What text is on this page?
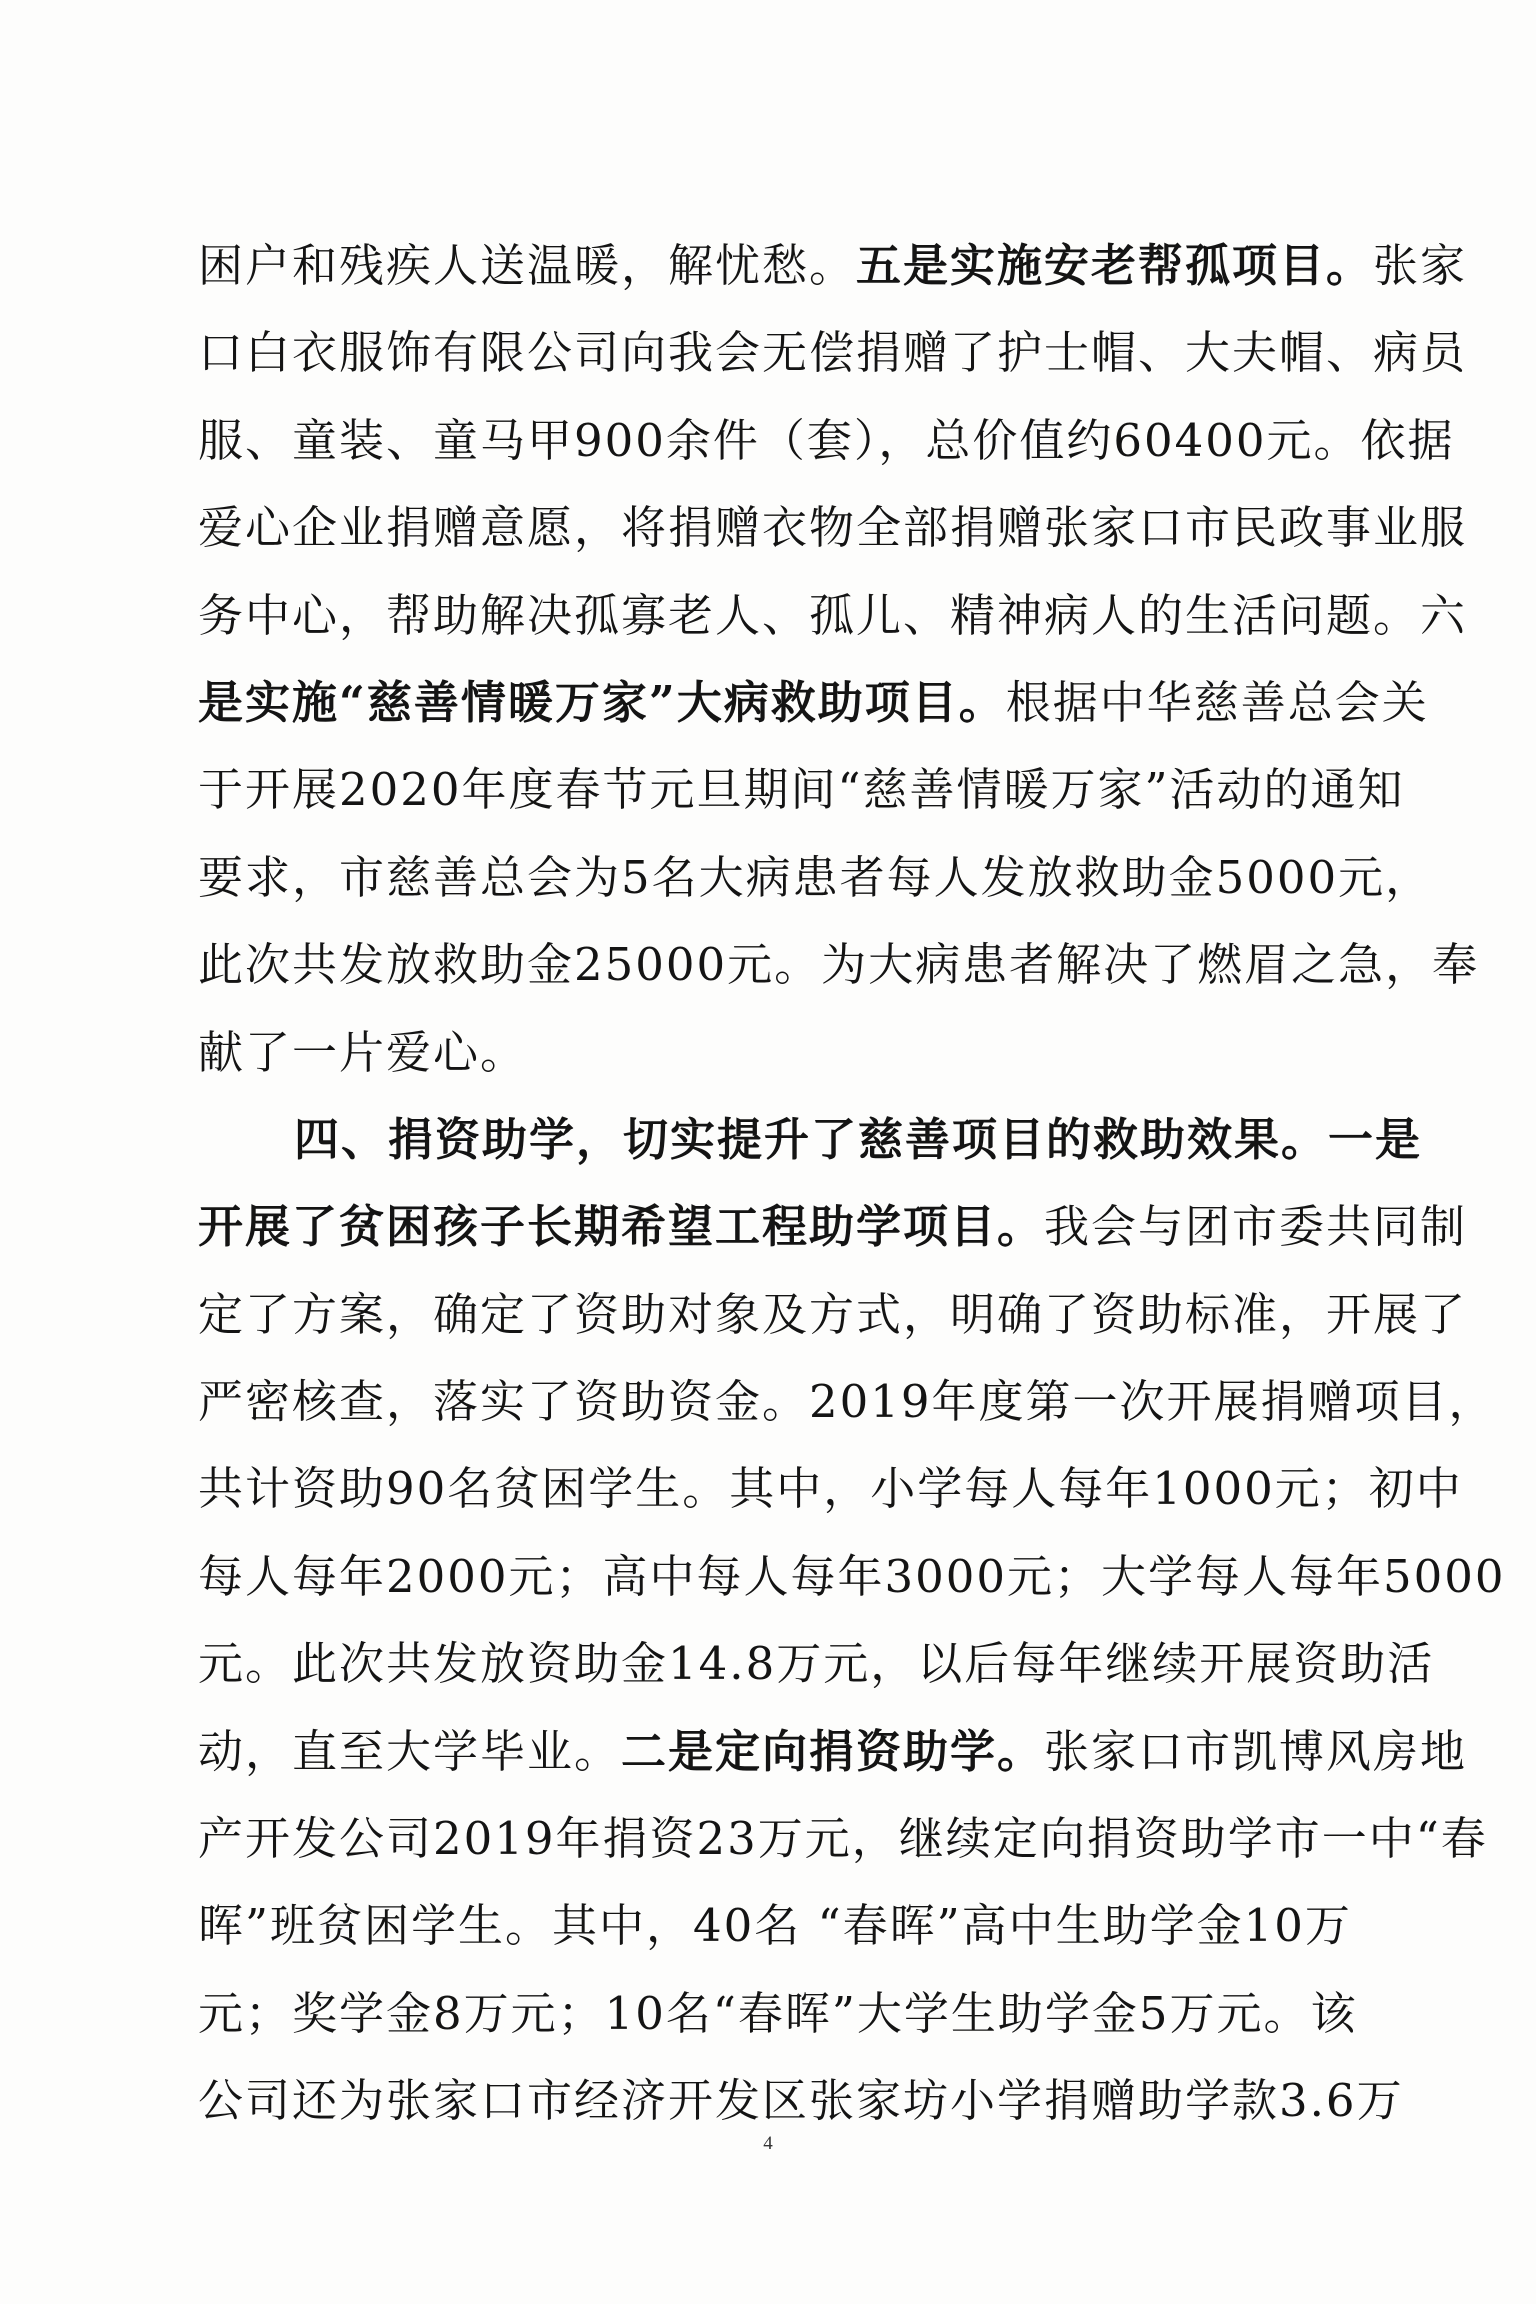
困户和残疾人送温暖，解忧愁。五是实施安老帮孤项目。张家
口白衣服饰有限公司向我会无偿捐赠了护士帽、大夫帽、病员
服、童装、童马甲900余件（套），总价值约60400元。依据
爱心企业捐赠意愿，将捐赠衣物全部捐赠张家口市民政事业服
务中心，帮助解决孤寡老人、孤儿、精神病人的生活问题。六
是实施“慈善情暖万家”大病救助项目。根据中华慈善总会关
于开展2020年度春节元旦期间“慈善情暖万家”活动的通知
要求，市慈善总会为5名大病患者每人发放救助金5000元，
此次共发放救助金25000元。为大病患者解决了燃眉之急，奉
献了一片爱心。
四、捐资助学，切实提升了慈善项目的救助效果。一是
开展了贫困孩子长期希望工程助学项目。我会与团市委共同制
定了方案，确定了资助对象及方式，明确了资助标准，开展了
严密核查，落实了资助资金。2019年度第一次开展捐赠项目，
共计资助90名贫困学生。其中，小学每人每年1000元；初中
每人每年2000元；高中每人每年3000元；大学每人每年5000
元。此次共发放资助金14.8万元，以后每年继续开展资助活
动，直至大学毕业。二是定向捐资助学。张家口市凯博风房地
产开发公司2019年捐资23万元，继续定向捐资助学市一中“春
晖”班贫困学生。其中，40名 “春晖”高中生助学金10万
元；奖学金8万元；10名“春晖”大学生助学金5万元。该
公司还为张家口市经济开发区张家坊小学捐赠助学款3.6万
4
